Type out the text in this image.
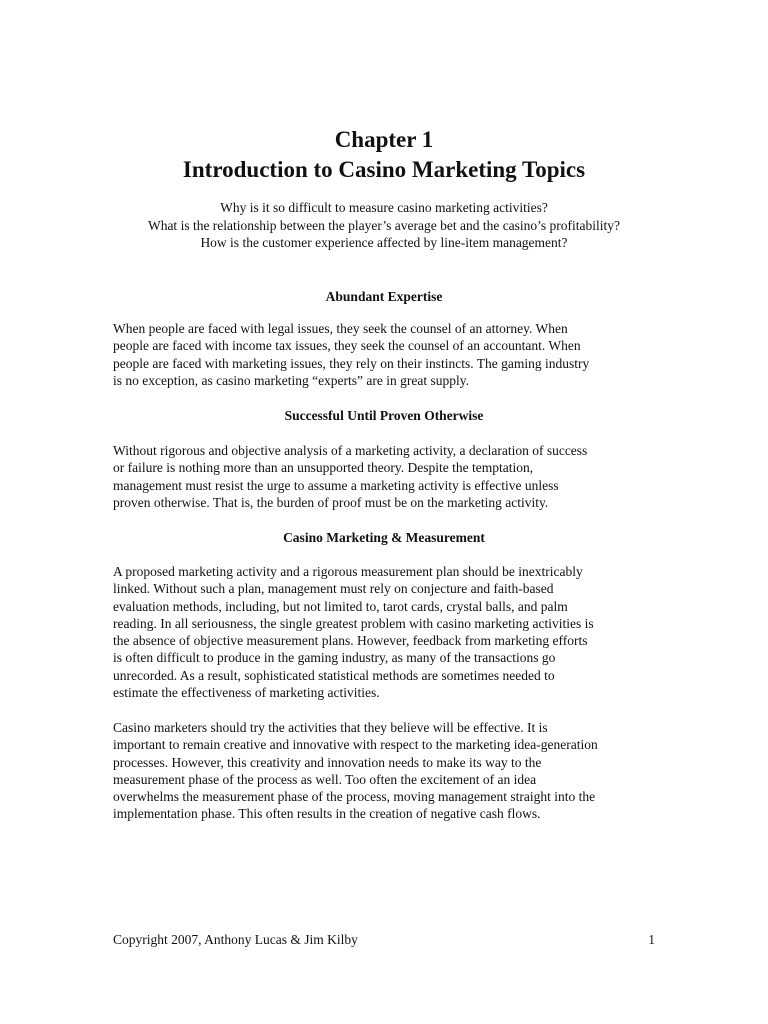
Chapter 1
Introduction to Casino Marketing Topics
Why is it so difficult to measure casino marketing activities?
What is the relationship between the player’s average bet and the casino’s profitability?
How is the customer experience affected by line-item management?
Abundant Expertise
When people are faced with legal issues, they seek the counsel of an attorney. When
people are faced with income tax issues, they seek the counsel of an accountant. When
people are faced with marketing issues, they rely on their instincts. The gaming industry
is no exception, as casino marketing “experts” are in great supply.
Successful Until Proven Otherwise
Without rigorous and objective analysis of a marketing activity, a declaration of success
or failure is nothing more than an unsupported theory. Despite the temptation,
management must resist the urge to assume a marketing activity is effective unless
proven otherwise. That is, the burden of proof must be on the marketing activity.
Casino Marketing & Measurement
A proposed marketing activity and a rigorous measurement plan should be inextricably
linked. Without such a plan, management must rely on conjecture and faith-based
evaluation methods, including, but not limited to, tarot cards, crystal balls, and palm
reading. In all seriousness, the single greatest problem with casino marketing activities is
the absence of objective measurement plans. However, feedback from marketing efforts
is often difficult to produce in the gaming industry, as many of the transactions go
unrecorded. As a result, sophisticated statistical methods are sometimes needed to
estimate the effectiveness of marketing activities.
Casino marketers should try the activities that they believe will be effective. It is
important to remain creative and innovative with respect to the marketing idea-generation
processes. However, this creativity and innovation needs to make its way to the
measurement phase of the process as well. Too often the excitement of an idea
overwhelms the measurement phase of the process, moving management straight into the
implementation phase. This often results in the creation of negative cash flows.
Copyright 2007, Anthony Lucas & Jim Kilby	1
